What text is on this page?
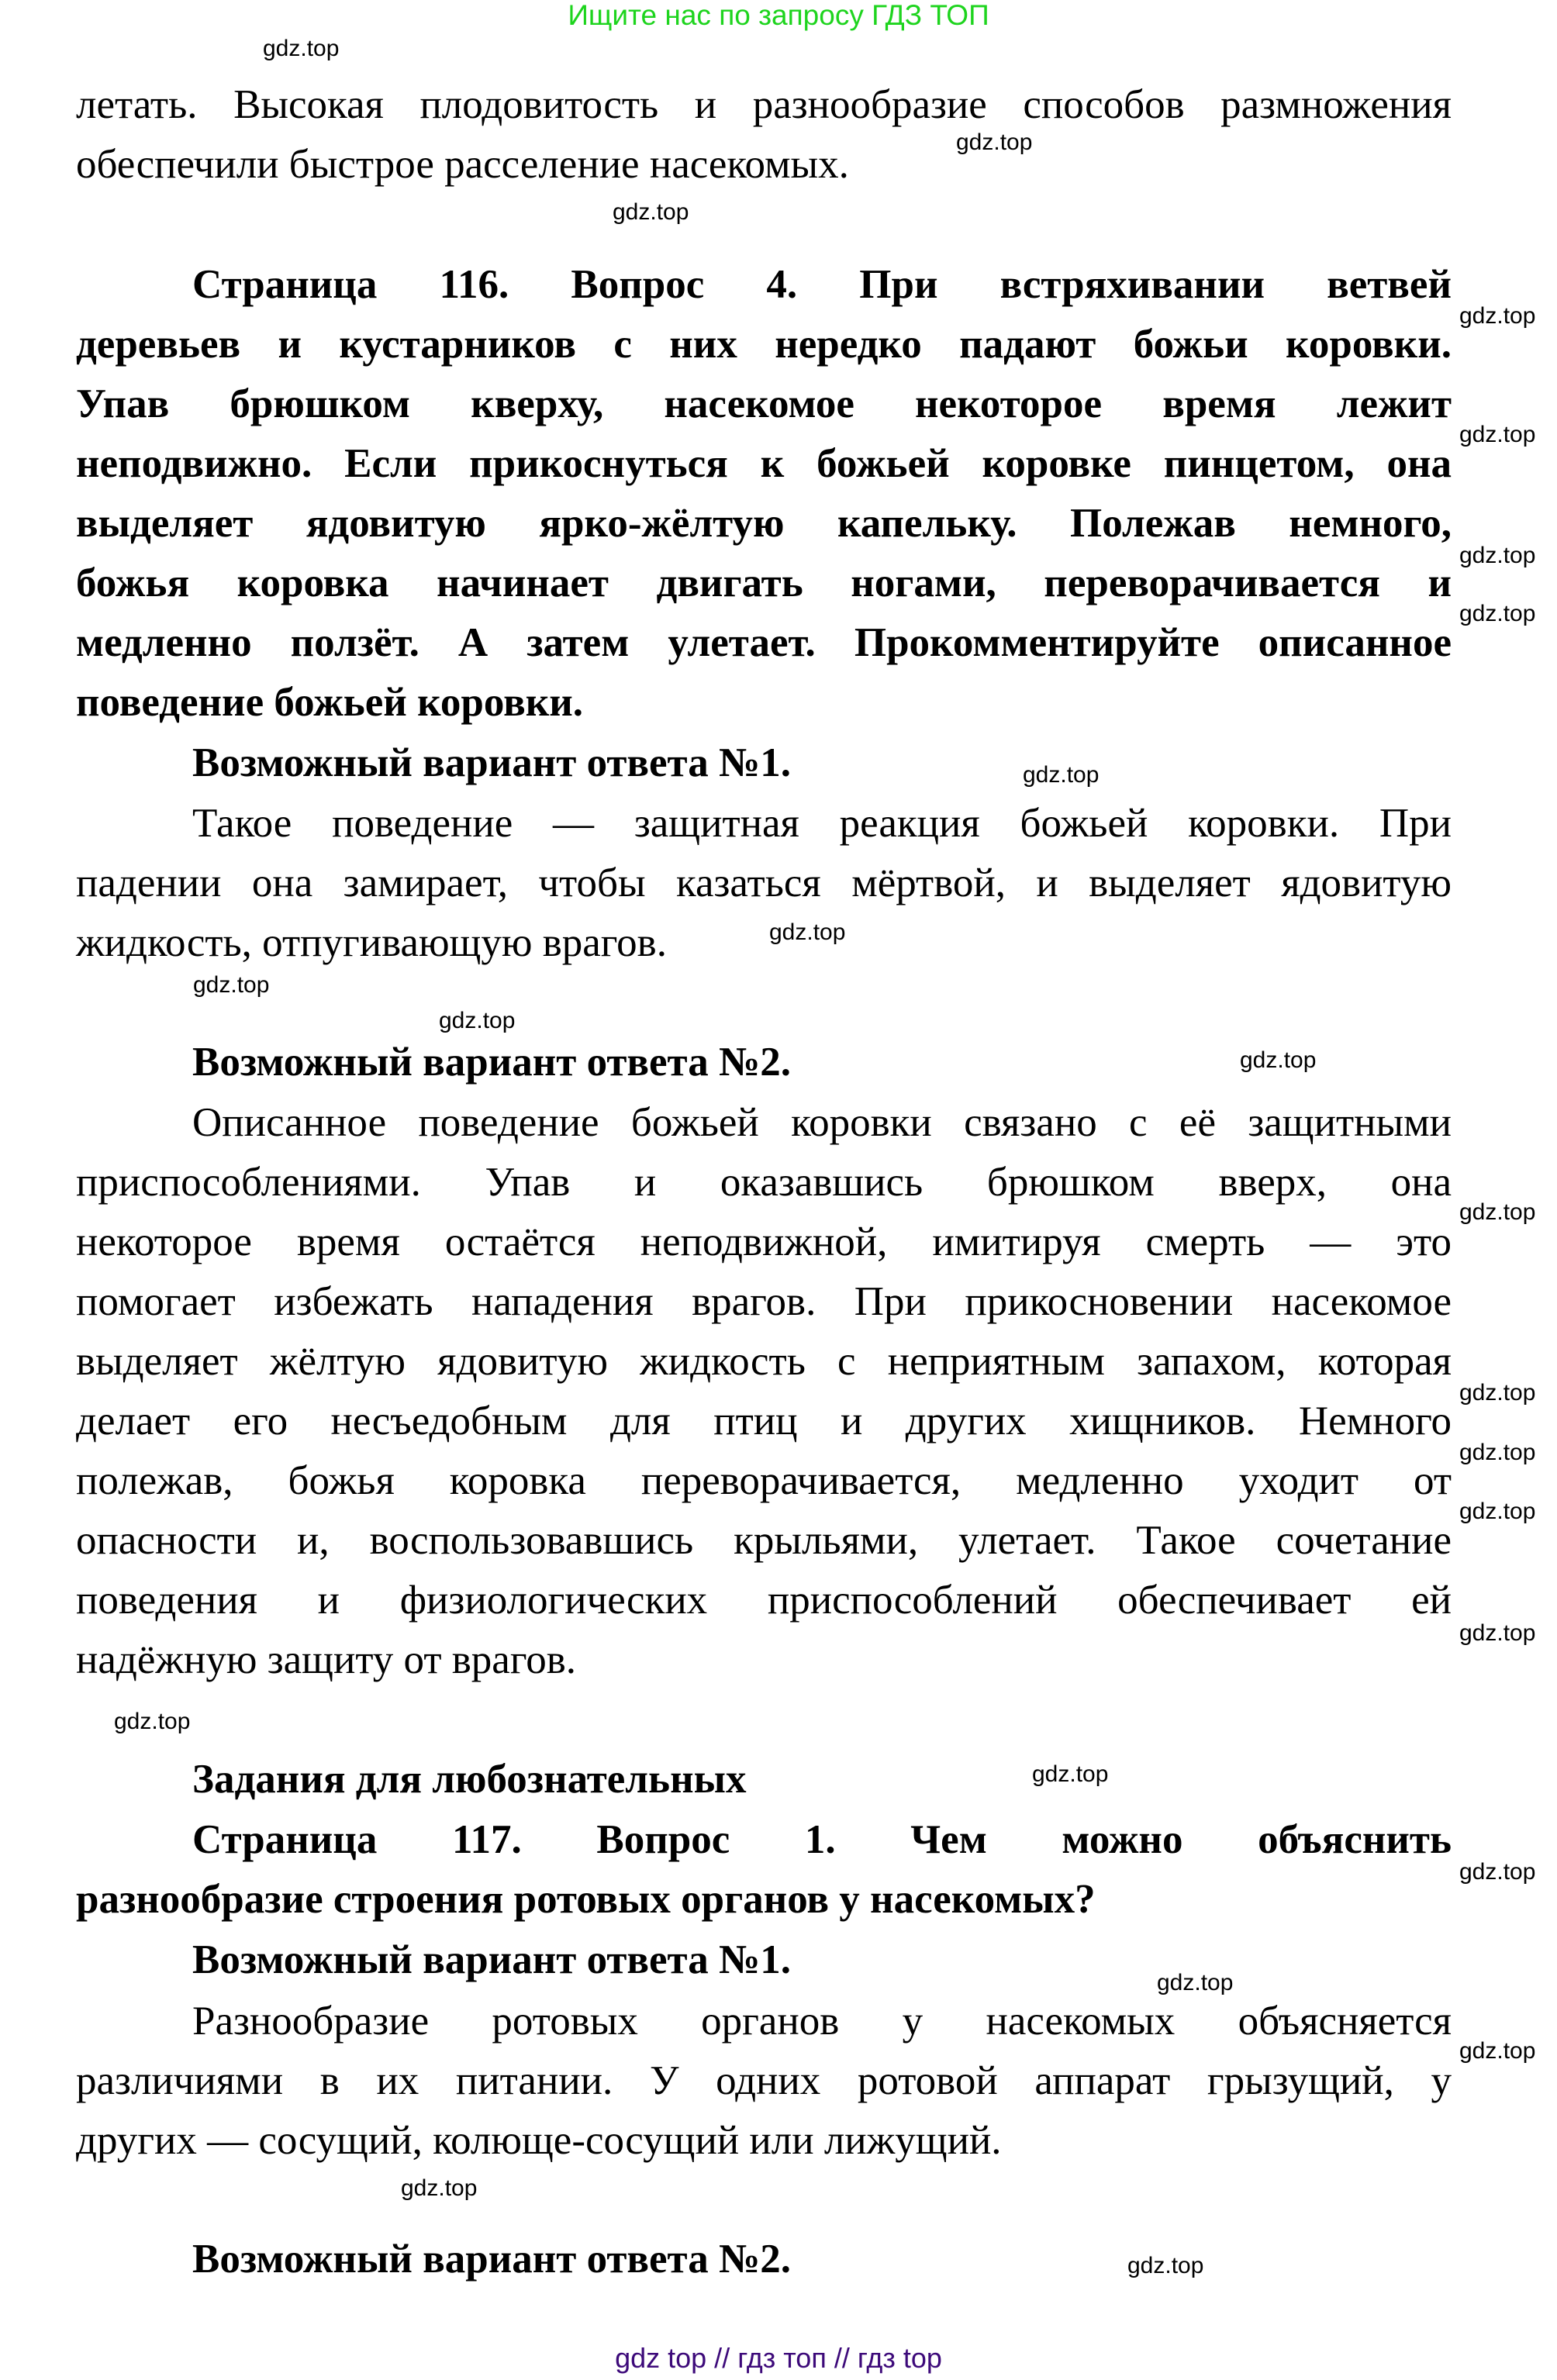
Ищите нас по запросу ГДЗ ТОП
летать. Высокая плодовитость и разнообразие способов размножения
обеспечили быстрое расселение насекомых.
Страница 116. Вопрос 4. При встряхивании ветвей
деревьев и кустарников с них нередко падают божьи коровки.
Упав брюшком кверху, насекомое некоторое время лежит
неподвижно. Если прикоснуться к божьей коровке пинцетом, она
выделяет ядовитую ярко-жёлтую капельку. Полежав немного,
божья коровка начинает двигать ногами, переворачивается и
медленно ползёт. А затем улетает. Прокомментируйте описанное
поведение божьей коровки.
Возможный вариант ответа №1.
Такое поведение — защитная реакция божьей коровки. При
падении она замирает, чтобы казаться мёртвой, и выделяет ядовитую
жидкость, отпугивающую врагов.
Возможный вариант ответа №2.
Описанное поведение божьей коровки связано с её защитными
приспособлениями. Упав и оказавшись брюшком вверх, она
некоторое время остаётся неподвижной, имитируя смерть — это
помогает избежать нападения врагов. При прикосновении насекомое
выделяет жёлтую ядовитую жидкость с неприятным запахом, которая
делает его несъедобным для птиц и других хищников. Немного
полежав, божья коровка переворачивается, медленно уходит от
опасности и, воспользовавшись крыльями, улетает. Такое сочетание
поведения и физиологических приспособлений обеспечивает ей
надёжную защиту от врагов.
Задания для любознательных
Страница 117. Вопрос 1. Чем можно объяснить
разнообразие строения ротовых органов у насекомых?
Возможный вариант ответа №1.
Разнообразие ротовых органов у насекомых объясняется
различиями в их питании. У одних ротовой аппарат грызущий, у
других — сосущий, колюще-сосущий или лижущий.
Возможный вариант ответа №2.
gdz.top
gdz.top
gdz.top
gdz.top
gdz.top
gdz.top
gdz.top
gdz.top
gdz.top
gdz.top
gdz.top
gdz.top
gdz.top
gdz.top
gdz.top
gdz.top
gdz.top
gdz.top
gdz.top
gdz.top
gdz.top
gdz.top
gdz.top
gdz.top
gdz top // гдз топ // гдз top
